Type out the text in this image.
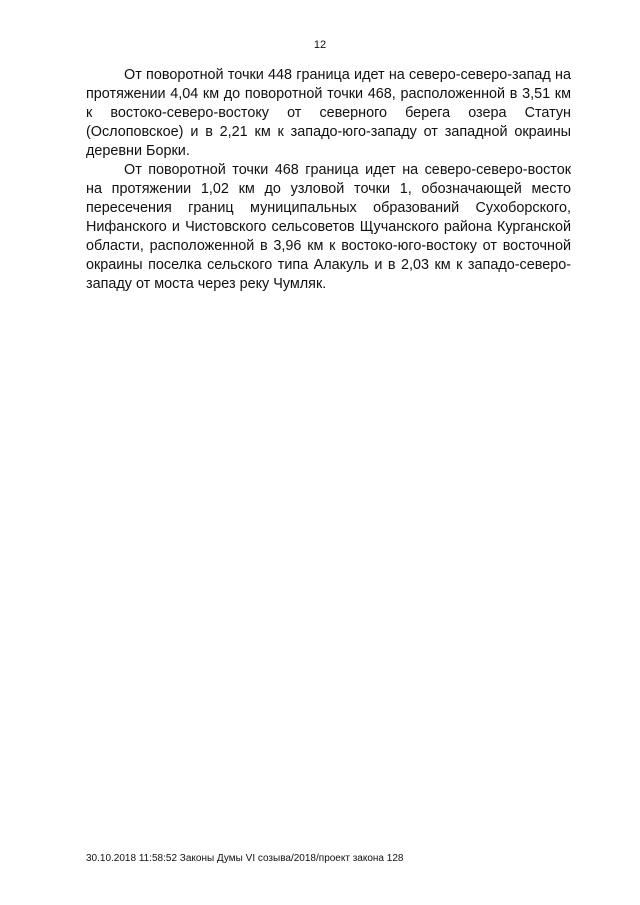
12

От поворотной точки 448 граница идет на северо-северо-запад на протяжении 4,04 км до поворотной точки 468, расположенной в 3,51 км к востоко-северо-востоку от северного берега озера Статун (Ослоповское) и в 2,21 км к западо-юго-западу от западной окраины деревни Борки.

От поворотной точки 468 граница идет на северо-северо-восток на протяжении 1,02 км до узловой точки 1, обозначающей место пересечения границ муниципальных образований Сухоборского, Нифанского и Чистовского сельсоветов Щучанского района Курганской области, расположенной в 3,96 км к востоко-юго-востоку от восточной окраины поселка сельского типа Алакуль и в 2,03 км к западо-северо-западу от моста через реку Чумляк.

30.10.2018 11:58:52 Законы Думы VI созыва/2018/проект закона 128
